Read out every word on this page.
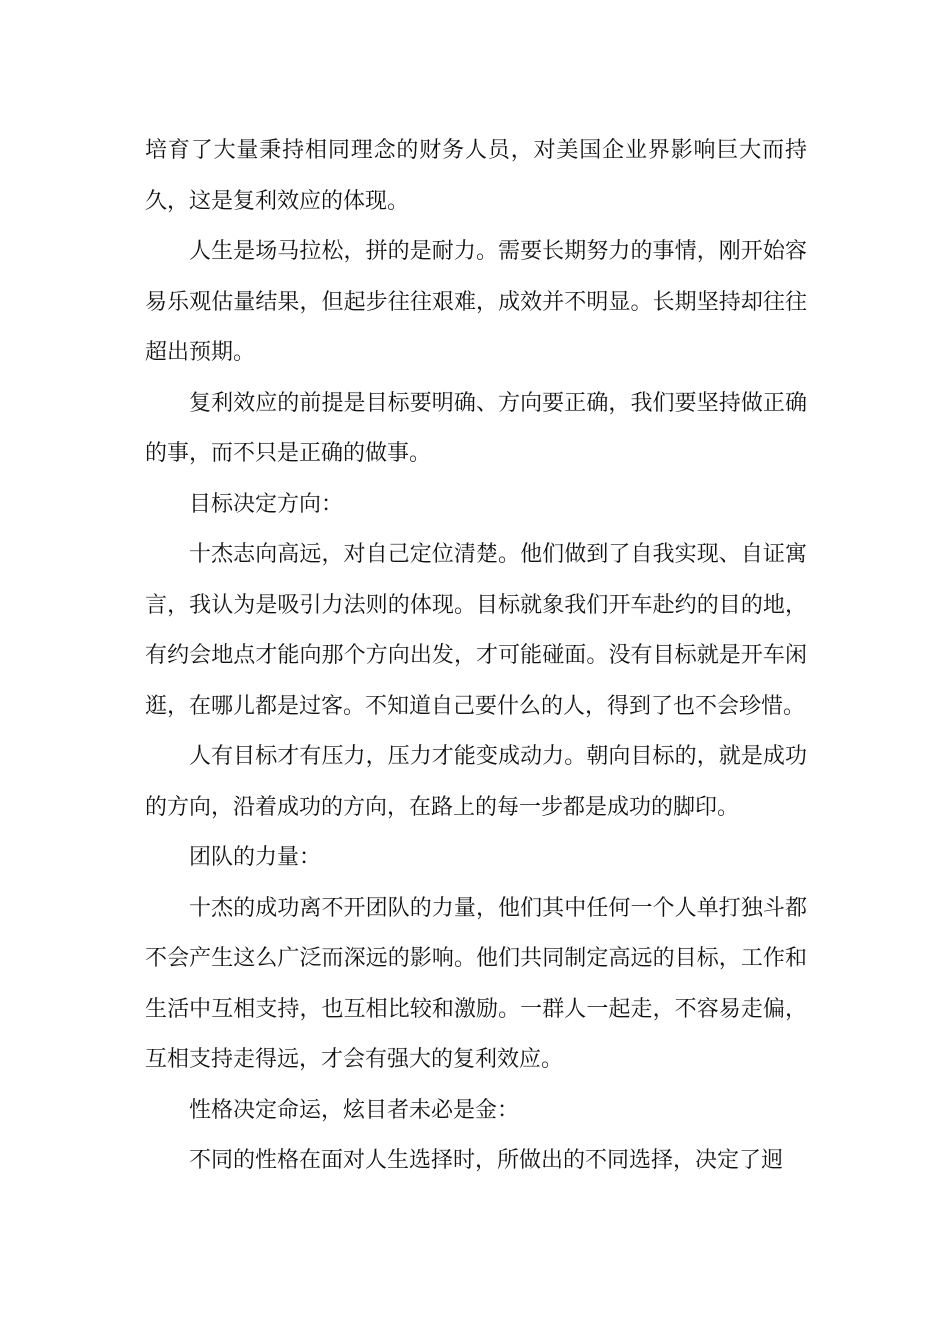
培育了大量秉持相同理念的财务人员，对美国企业界影响巨大而持久，这是复利效应的体现。

人生是场马拉松，拼的是耐力。需要长期努力的事情，刚开始容易乐观估量结果，但起步往往艰难，成效并不明显。长期坚持却往往超出预期。

复利效应的前提是目标要明确、方向要正确，我们要坚持做正确的事，而不只是正确的做事。

目标决定方向：

十杰志向高远，对自己定位清楚。他们做到了自我实现、自证寓言，我认为是吸引力法则的体现。目标就象我们开车赴约的目的地，有约会地点才能向那个方向出发，才可能碰面。没有目标就是开车闲逛，在哪儿都是过客。不知道自己要什么的人，得到了也不会珍惜。

人有目标才有压力，压力才能变成动力。朝向目标的，就是成功的方向，沿着成功的方向，在路上的每一步都是成功的脚印。

团队的力量：

十杰的成功离不开团队的力量，他们其中任何一个人单打独斗都不会产生这么广泛而深远的影响。他们共同制定高远的目标，工作和生活中互相支持，也互相比较和激励。一群人一起走，不容易走偏，互相支持走得远，才会有强大的复利效应。

性格决定命运，炫目者未必是金：

不同的性格在面对人生选择时，所做出的不同选择，决定了迥
